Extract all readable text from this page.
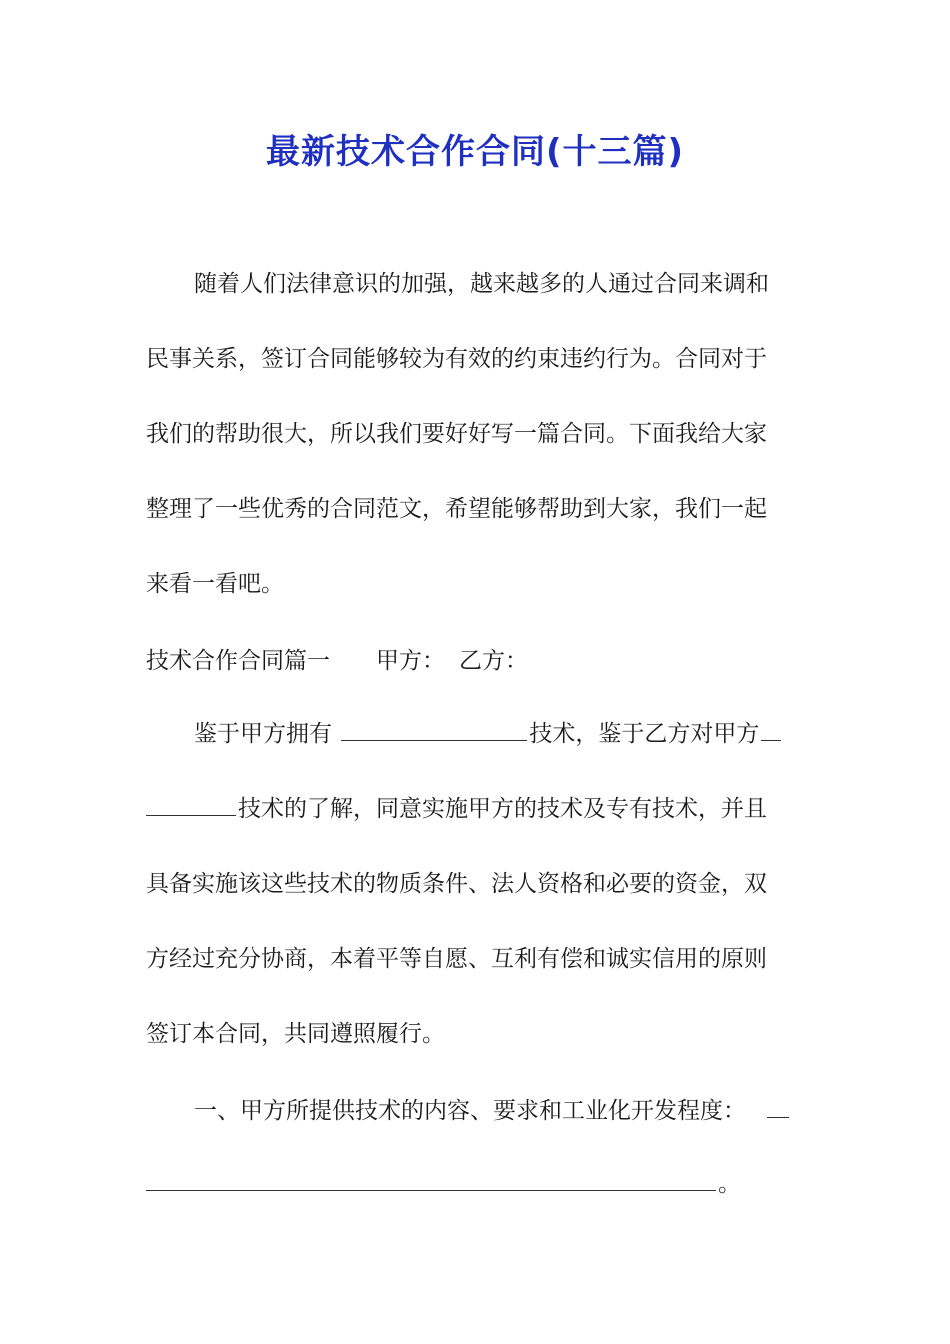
最新技术合作合同(十三篇)
随着人们法律意识的加强，越来越多的人通过合同来调和
民事关系，签订合同能够较为有效的约束违约行为。合同对于
我们的帮助很大，所以我们要好好写一篇合同。下面我给大家
整理了一些优秀的合同范文，希望能够帮助到大家，我们一起
来看一看吧。
技术合作合同篇一 甲方： 乙方：
鉴于甲方拥有	技术，鉴于乙方对甲方
技术的了解，同意实施甲方的技术及专有技术，并且
具备实施该这些技术的物质条件、法人资格和必要的资金，双
方经过充分协商，本着平等自愿、互利有偿和诚实信用的原则
签订本合同，共同遵照履行。
一、甲方所提供技术的内容、要求和工业化开发程度：
。
